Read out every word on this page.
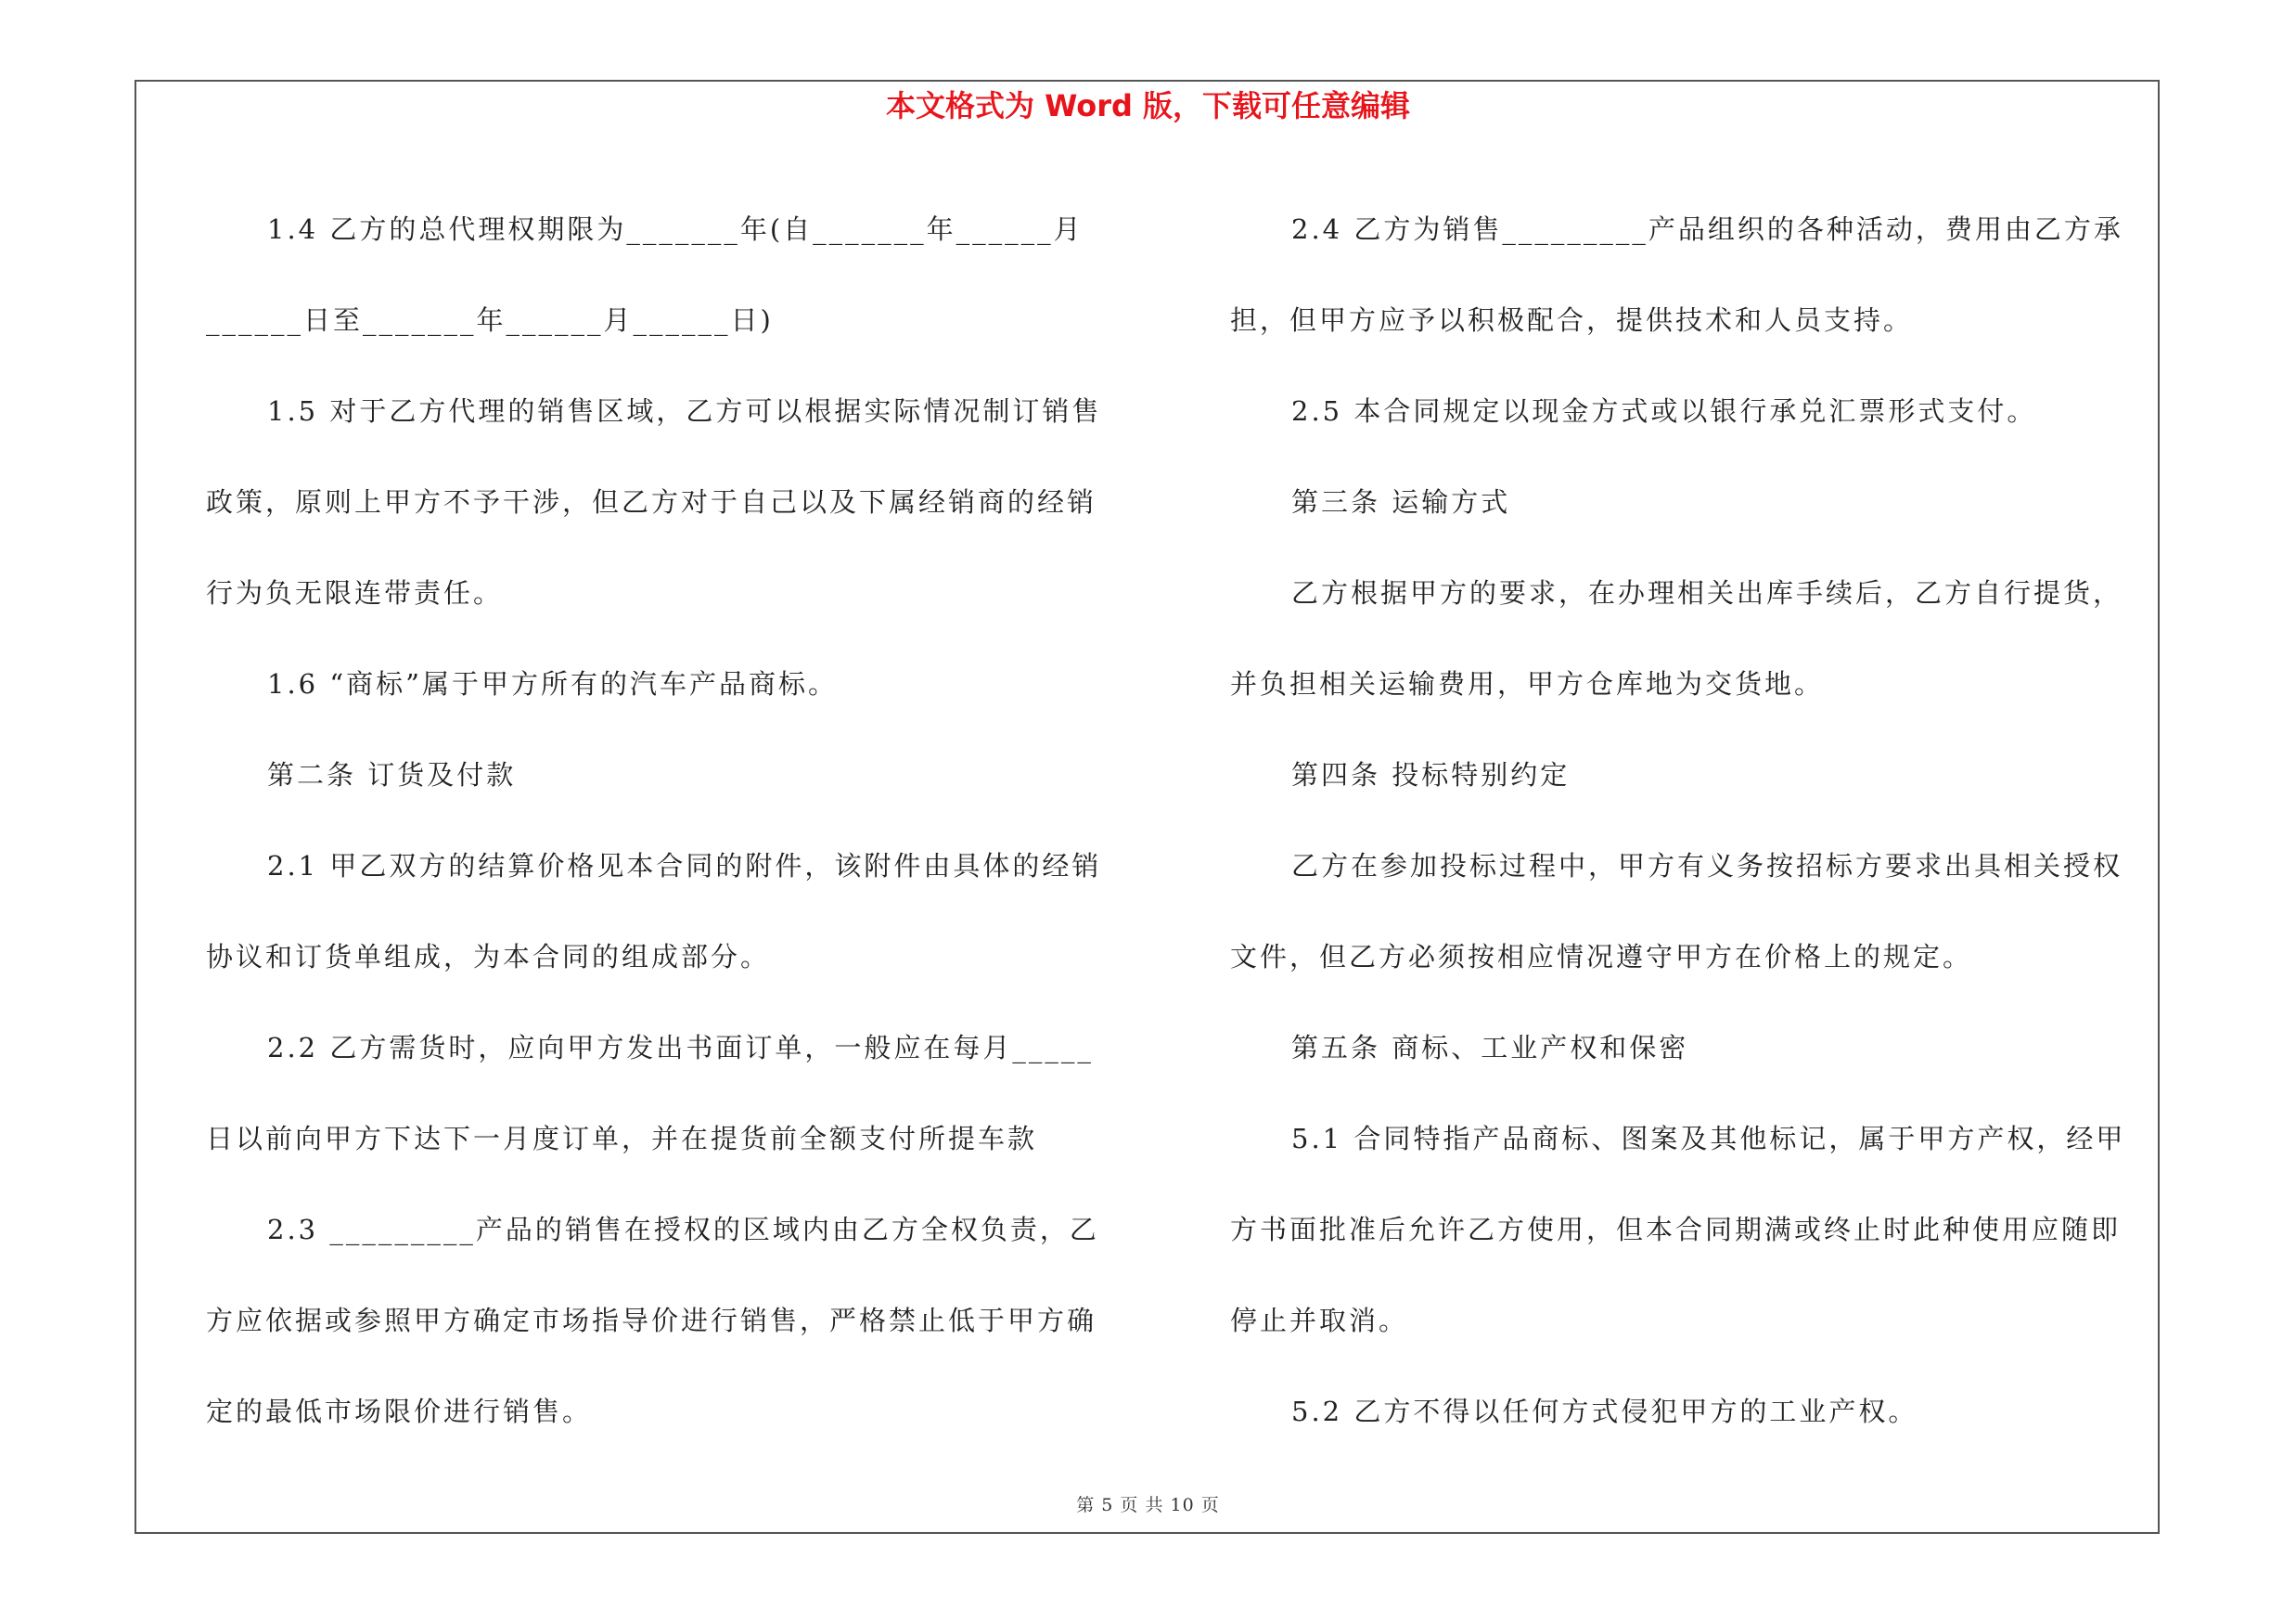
本文格式为 Word 版，下载可任意编辑
1.4 乙方的总代理权期限为_______年(自_______年______月
______日至_______年______月______日)
1.5 对于乙方代理的销售区域，乙方可以根据实际情况制订销售
政策，原则上甲方不予干涉，但乙方对于自己以及下属经销商的经销
行为负无限连带责任。
1.6 “商标”属于甲方所有的汽车产品商标。
第二条 订货及付款
2.1 甲乙双方的结算价格见本合同的附件，该附件由具体的经销
协议和订货单组成，为本合同的组成部分。
2.2 乙方需货时，应向甲方发出书面订单，一般应在每月_____
日以前向甲方下达下一月度订单，并在提货前全额支付所提车款
2.3 _________产品的销售在授权的区域内由乙方全权负责，乙
方应依据或参照甲方确定市场指导价进行销售，严格禁止低于甲方确
定的最低市场限价进行销售。
2.4 乙方为销售_________产品组织的各种活动，费用由乙方承
担，但甲方应予以积极配合，提供技术和人员支持。
2.5 本合同规定以现金方式或以银行承兑汇票形式支付。
第三条 运输方式
乙方根据甲方的要求，在办理相关出库手续后，乙方自行提货，
并负担相关运输费用，甲方仓库地为交货地。
第四条 投标特别约定
乙方在参加投标过程中，甲方有义务按招标方要求出具相关授权
文件，但乙方必须按相应情况遵守甲方在价格上的规定。
第五条 商标、工业产权和保密
5.1 合同特指产品商标、图案及其他标记，属于甲方产权，经甲
方书面批准后允许乙方使用，但本合同期满或终止时此种使用应随即
停止并取消。
5.2 乙方不得以任何方式侵犯甲方的工业产权。
第 5 页 共 10 页
